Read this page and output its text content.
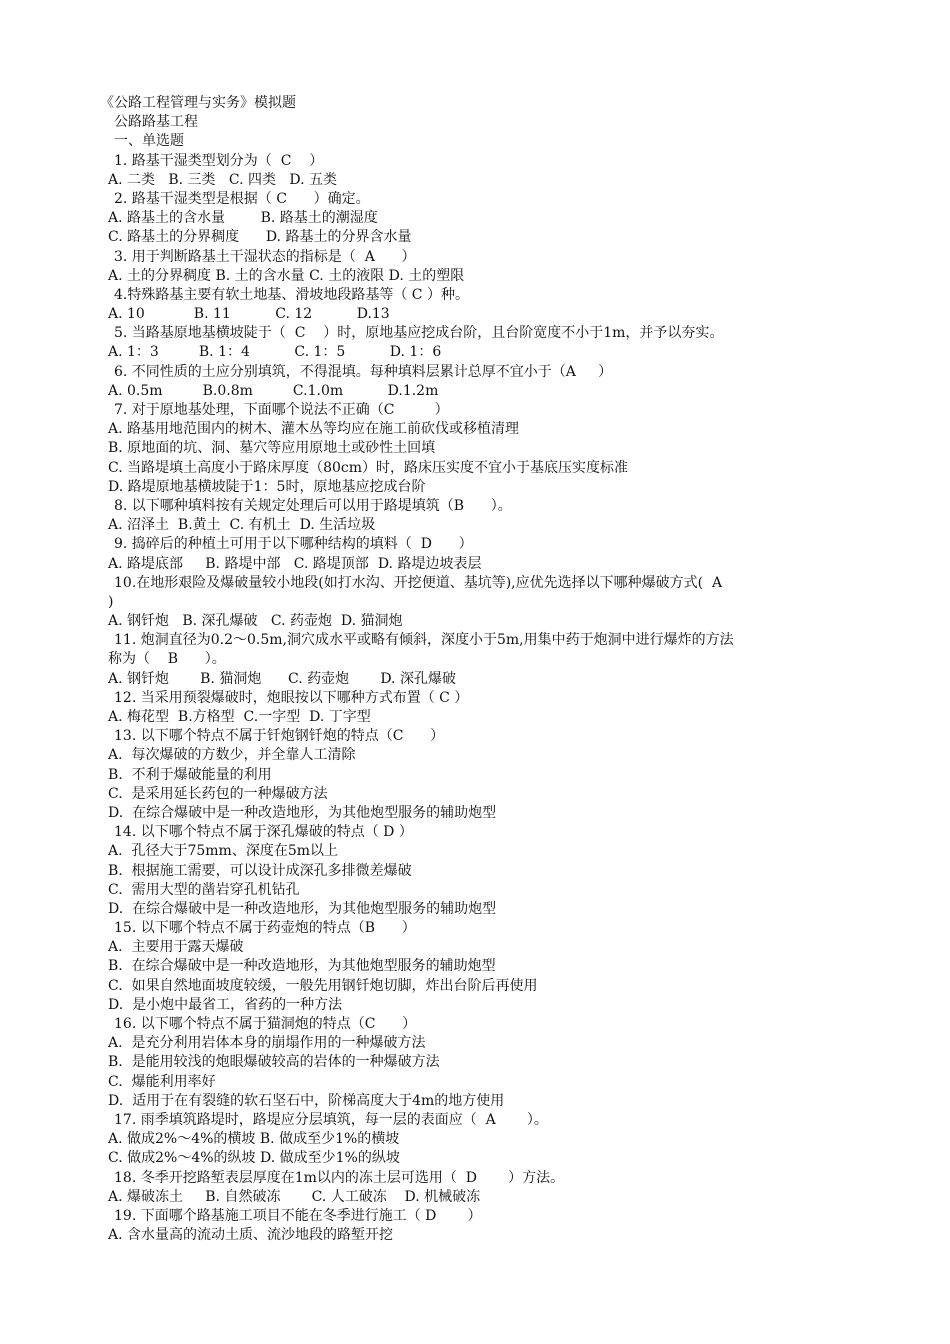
《公路工程管理与实务》模拟题
公路路基工程
一、单选题
1. 路基干湿类型划分为（  C    ）
A. 二类   B. 三类   C. 四类   D. 五类
2. 路基干湿类型是根据（ C      ）确定。
A. 路基土的含水量        B. 路基土的潮湿度
C. 路基土的分界稠度      D. 路基土的分界含水量
3. 用于判断路基土干湿状态的指标是（  A      ）
A. 土的分界稠度 B. 土的含水量 C. 土的液限 D. 土的塑限
4.特殊路基主要有软土地基、滑坡地段路基等（ C ）种。
A. 10           B. 11          C. 12          D.13
5. 当路基原地基横坡陡于（  C    ）时，原地基应挖成台阶，且台阶宽度不小于1m，并予以夯实。
A. 1：3         B. 1：4          C. 1：5          D. 1：6
6. 不同性质的土应分别填筑，不得混填。每种填料层累计总厚不宜小于（A     ）
A. 0.5m         B.0.8m         C.1.0m          D.1.2m
7. 对于原地基处理，下面哪个说法不正确（C         ）
A. 路基用地范围内的树木、灌木丛等均应在施工前砍伐或移植清理
B. 原地面的坑、洞、墓穴等应用原地土或砂性土回填
C. 当路堤填土高度小于路床厚度（80cm）时，路床压实度不宜小于基底压实度标准
D. 路堤原地基横坡陡于1：5时，原地基应挖成台阶
8. 以下哪种填料按有关规定处理后可以用于路堤填筑（B      ）。
A. 沼泽土  B.黄土  C. 有机土  D. 生活垃圾
9. 捣碎后的种植土可用于以下哪种结构的填料（  D      ）
A. 路堤底部     B. 路堤中部   C. 路堤顶部  D. 路堤边坡表层
10.在地形艰险及爆破量较小地段(如打水沟、开挖便道、基坑等),应优先选择以下哪种爆破方式(  A
)
A. 钢钎炮   B. 深孔爆破   C. 药壶炮  D. 猫洞炮
11. 炮洞直径为0.2～0.5m,洞穴成水平或略有倾斜，深度小于5m,用集中药于炮洞中进行爆炸的方法
称为（    B      ）。
A. 钢钎炮       B. 猫洞炮      C. 药壶炮       D. 深孔爆破
12. 当采用预裂爆破时，炮眼按以下哪种方式布置（ C ）
A. 梅花型  B.方格型  C.一字型  D. 丁字型
13. 以下哪个特点不属于钎炮钢钎炮的特点（C      ）
A.  每次爆破的方数少，并全靠人工清除
B.  不利于爆破能量的利用
C.  是采用延长药包的一种爆破方法
D.  在综合爆破中是一种改造地形，为其他炮型服务的辅助炮型
14. 以下哪个特点不属于深孔爆破的特点（ D ）
A.  孔径大于75mm、深度在5m以上
B.  根据施工需要，可以设计成深孔多排微差爆破
C.  需用大型的凿岩穿孔机钻孔
D.  在综合爆破中是一种改造地形，为其他炮型服务的辅助炮型
15. 以下哪个特点不属于药壶炮的特点（B      ）
A.  主要用于露天爆破
B.  在综合爆破中是一种改造地形，为其他炮型服务的辅助炮型
C.  如果自然地面坡度较缓，一般先用钢钎炮切脚，炸出台阶后再使用
D.  是小炮中最省工，省药的一种方法
16. 以下哪个特点不属于猫洞炮的特点（C      ）
A.  是充分利用岩体本身的崩塌作用的一种爆破方法
B.  是能用较浅的炮眼爆破较高的岩体的一种爆破方法
C.  爆能利用率好
D.  适用于在有裂缝的软石坚石中，阶梯高度大于4m的地方使用
17. 雨季填筑路堤时，路堤应分层填筑，每一层的表面应（  A       ）。
A. 做成2%～4%的横坡 B. 做成至少1%的横坡
C. 做成2%～4%的纵坡 D. 做成至少1%的纵坡
18. 冬季开挖路堑表层厚度在1m以内的冻土层可选用（  D       ）方法。
A. 爆破冻土     B. 自然破冻       C. 人工破冻    D. 机械破冻
19. 下面哪个路基施工项目不能在冬季进行施工（ D       ）
A. 含水量高的流动土质、流沙地段的路堑开挖
